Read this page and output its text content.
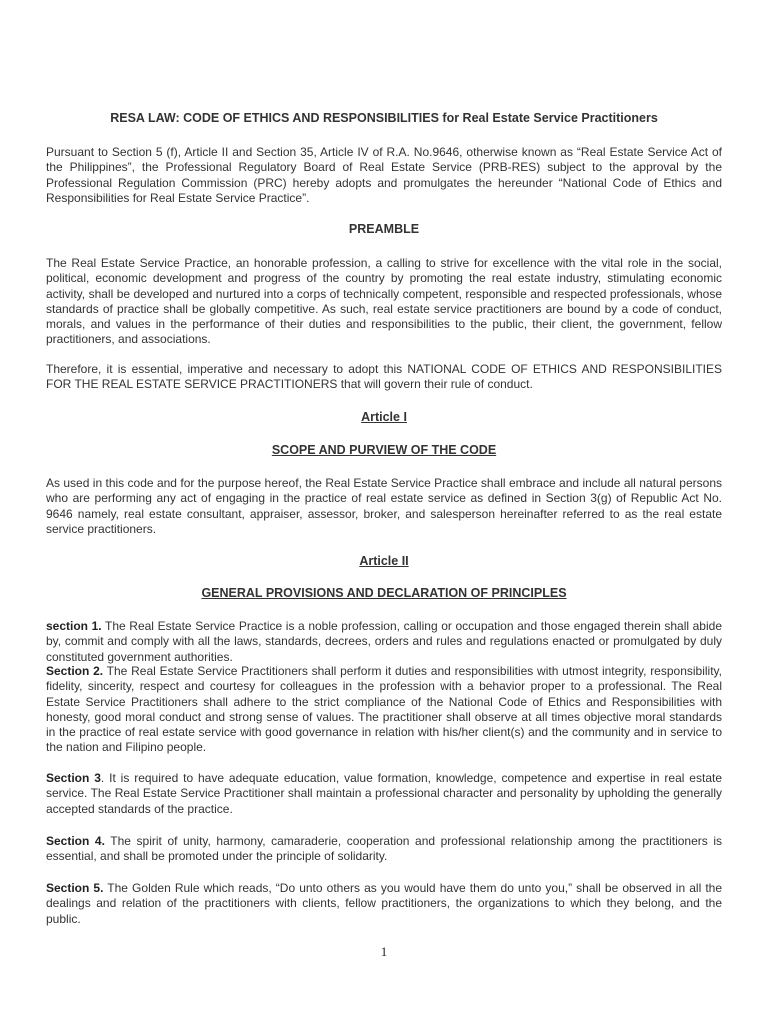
RESA LAW: CODE OF ETHICS AND RESPONSIBILITIES for Real Estate Service Practitioners

Pursuant to Section 5 (f), Article II and Section 35, Article IV of R.A. No.9646, otherwise known as “Real Estate Service Act of the Philippines”, the Professional Regulatory Board of Real Estate Service (PRB-RES) subject to the approval by the Professional Regulation Commission (PRC) hereby adopts and promulgates the hereunder “National Code of Ethics and Responsibilities for Real Estate Service Practice”.

PREAMBLE

The Real Estate Service Practice, an honorable profession, a calling to strive for excellence with the vital role in the social, political, economic development and progress of the country by promoting the real estate industry, stimulating economic activity, shall be developed and nurtured into a corps of technically competent, responsible and respected professionals, whose standards of practice shall be globally competitive. As such, real estate service practitioners are bound by a code of conduct, morals, and values in the performance of their duties and responsibilities to the public, their client, the government, fellow practitioners, and associations.

Therefore, it is essential, imperative and necessary to adopt this NATIONAL CODE OF ETHICS AND RESPONSIBILITIES FOR THE REAL ESTATE SERVICE PRACTITIONERS that will govern their rule of conduct.

Article I
SCOPE AND PURVIEW OF THE CODE

As used in this code and for the purpose hereof, the Real Estate Service Practice shall embrace and include all natural persons who are performing any act of engaging in the practice of real estate service as defined in Section 3(g) of Republic Act No. 9646 namely, real estate consultant, appraiser, assessor, broker, and salesperson hereinafter referred to as the real estate service practitioners.

Article II
GENERAL PROVISIONS AND DECLARATION OF PRINCIPLES

section 1. The Real Estate Service Practice is a noble profession, calling or occupation and those engaged therein shall abide by, commit and comply with all the laws, standards, decrees, orders and rules and regulations enacted or promulgated by duly constituted government authorities.

Section 2. The Real Estate Service Practitioners shall perform it duties and responsibilities with utmost integrity, responsibility, fidelity, sincerity, respect and courtesy for colleagues in the profession with a behavior proper to a professional. The Real Estate Service Practitioners shall adhere to the strict compliance of the National Code of Ethics and Responsibilities with honesty, good moral conduct and strong sense of values. The practitioner shall observe at all times objective moral standards in the practice of real estate service with good governance in relation with his/her client(s) and the community and in service to the nation and Filipino people.

Section 3. It is required to have adequate education, value formation, knowledge, competence and expertise in real estate service. The Real Estate Service Practitioner shall maintain a professional character and personality by upholding the generally accepted standards of the practice.

Section 4. The spirit of unity, harmony, camaraderie, cooperation and professional relationship among the practitioners is essential, and shall be promoted under the principle of solidarity.

Section 5. The Golden Rule which reads, “Do unto others as you would have them do unto you,” shall be observed in all the dealings and relation of the practitioners with clients, fellow practitioners, the organizations to which they belong, and the public.

1
